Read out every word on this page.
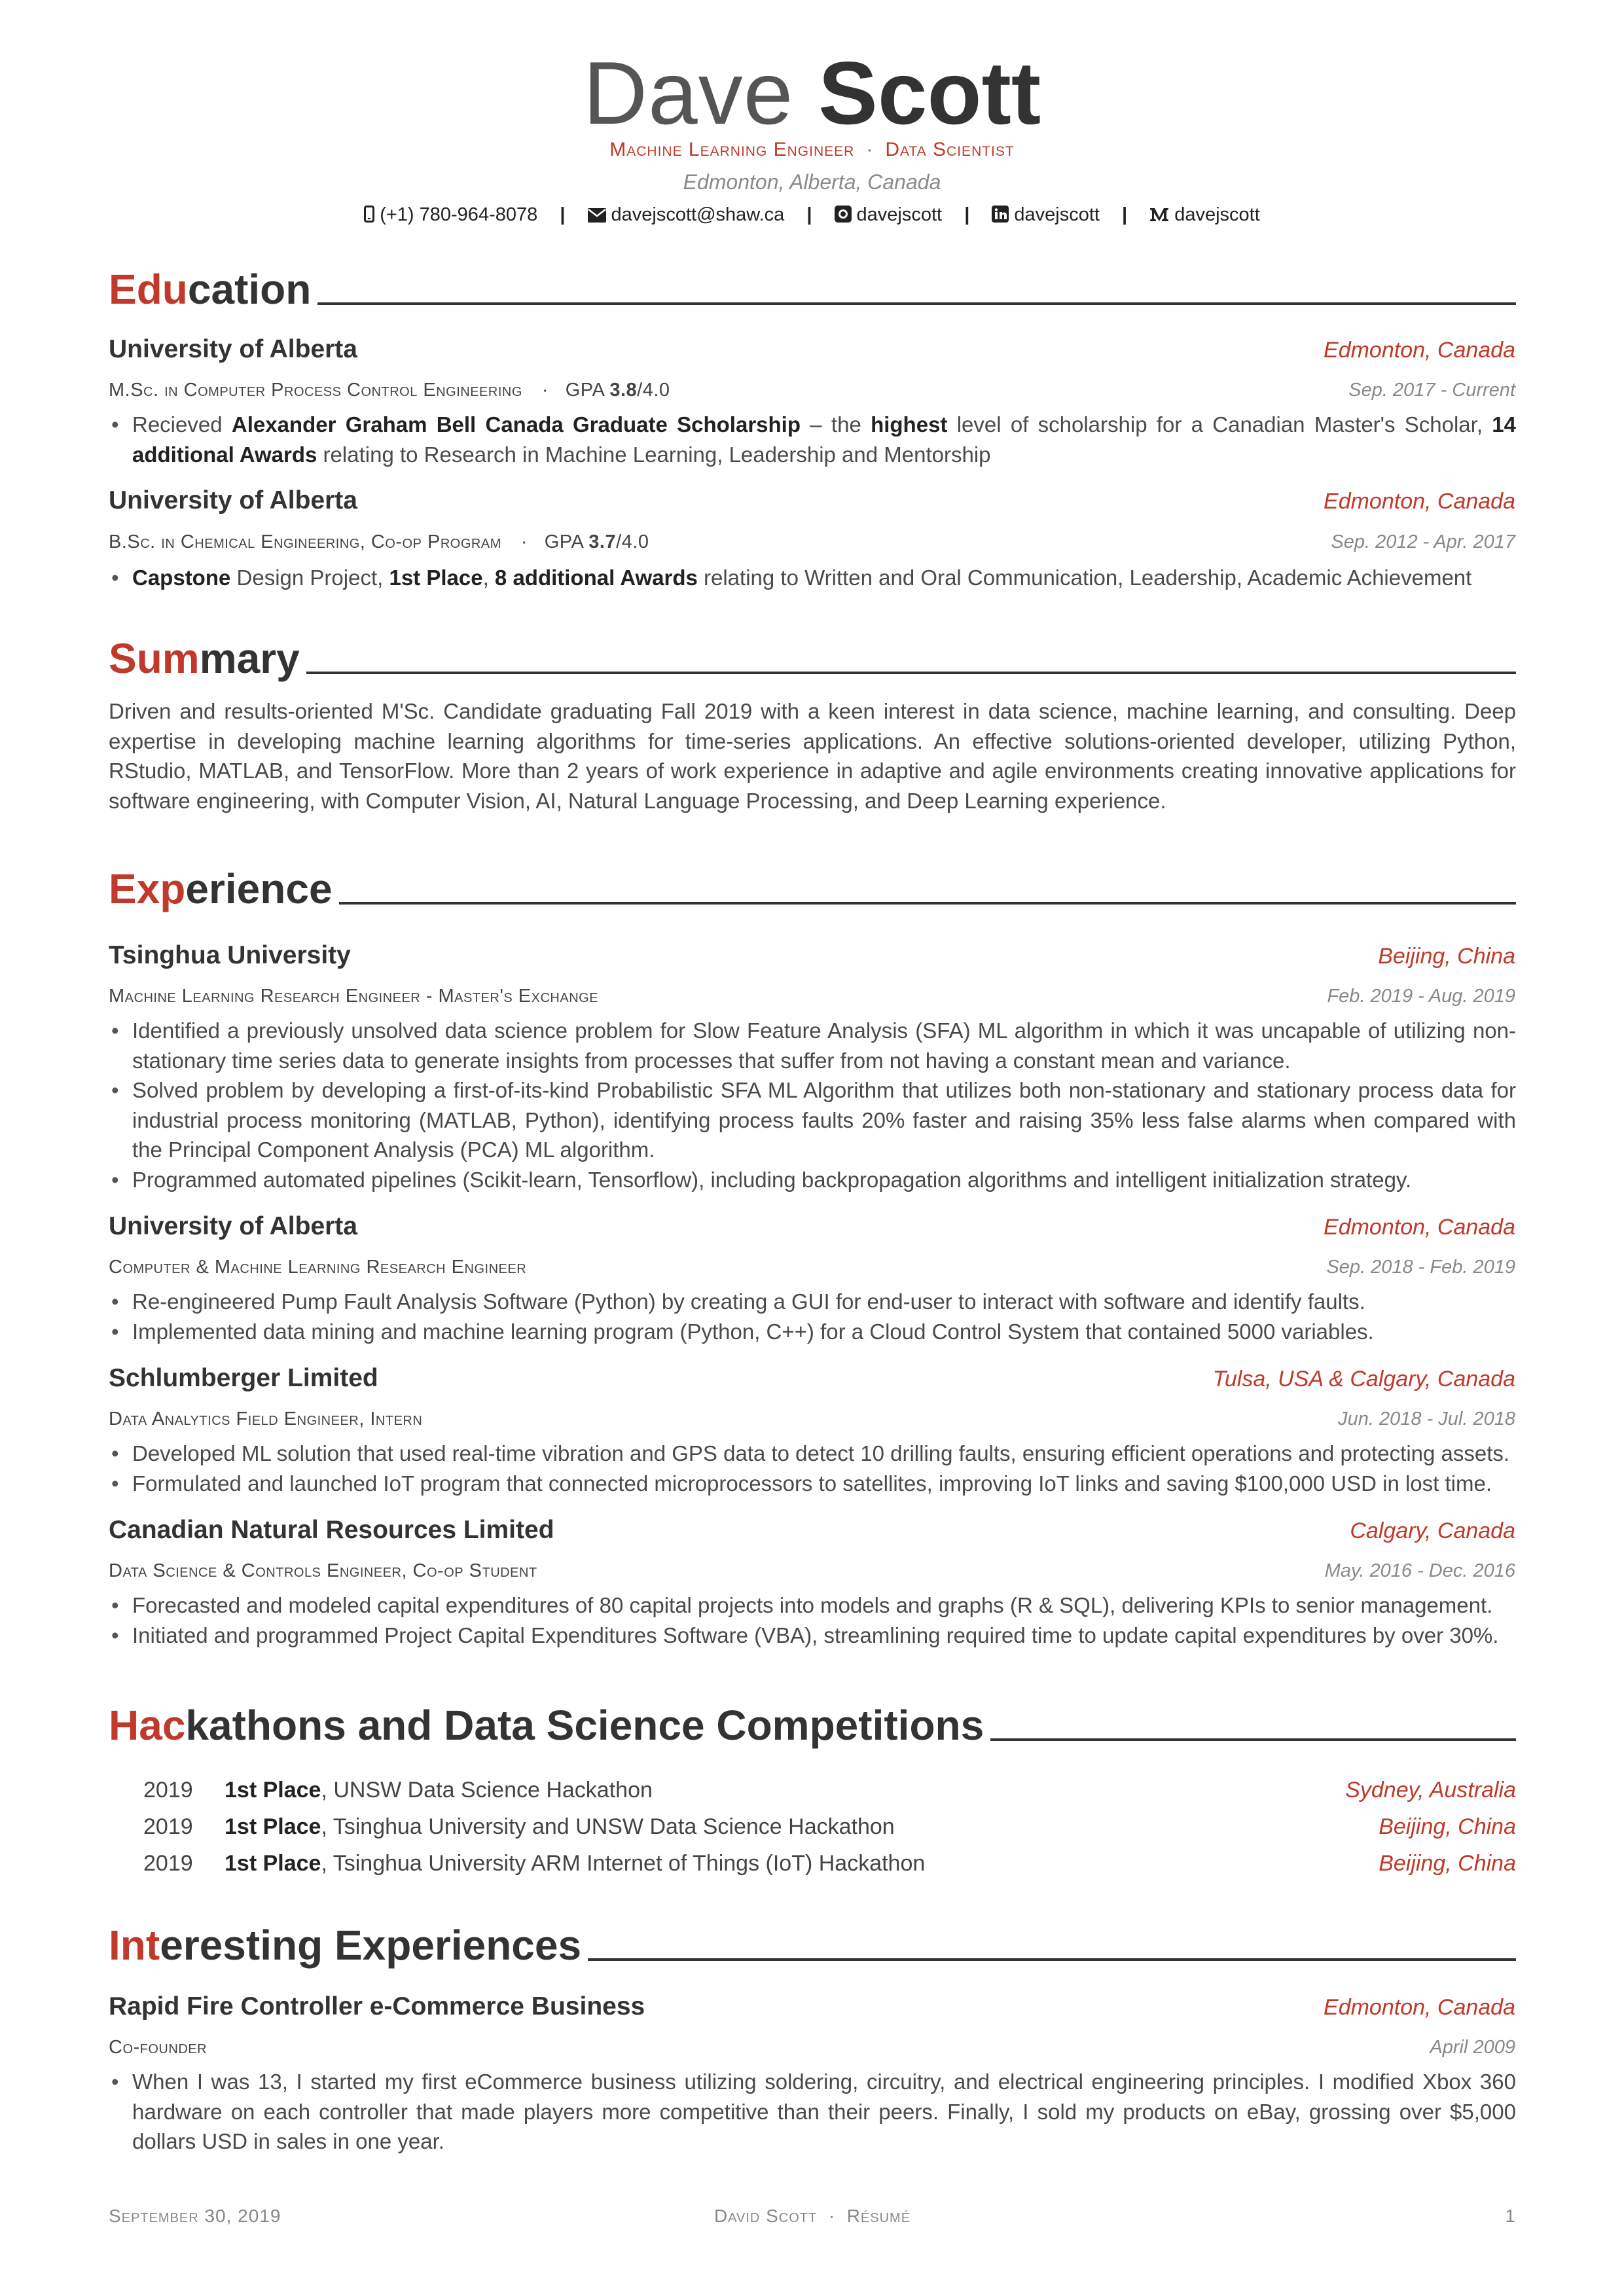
Dave Scott
Machine Learning Engineer · Data Scientist
Edmonton, Alberta, Canada
(+1) 780-964-8078 | davejscott@shaw.ca | davejscott | davejscott | davejscott
Education
University of Alberta	Edmonton, Canada
M.Sc. in Computer Process Control Engineering · GPA 3.8/4.0	Sep. 2017 - Current
• Recieved Alexander Graham Bell Canada Graduate Scholarship – the highest level of scholarship for a Canadian Master's Scholar, 14 additional Awards relating to Research in Machine Learning, Leadership and Mentorship
University of Alberta	Edmonton, Canada
B.Sc. in Chemical Engineering, Co-op Program · GPA 3.7/4.0	Sep. 2012 - Apr. 2017
• Capstone Design Project, 1st Place, 8 additional Awards relating to Written and Oral Communication, Leadership, Academic Achievement
Summary

Driven and results-oriented M'Sc. Candidate graduating Fall 2019 with a keen interest in data science, machine learning, and consulting. Deep expertise in developing machine learning algorithms for time-series applications. An effective solutions-oriented developer, utilizing Python, RStudio, MATLAB, and TensorFlow. More than 2 years of work experience in adaptive and agile environments creating innovative applications for software engineering, with Computer Vision, AI, Natural Language Processing, and Deep Learning experience.

Experience
Tsinghua University	Beijing, China
Machine Learning Research Engineer - Master's Exchange	Feb. 2019 - Aug. 2019
• Identified a previously unsolved data science problem for Slow Feature Analysis (SFA) ML algorithm in which it was uncapable of utilizing non-stationary time series data to generate insights from processes that suffer from not having a constant mean and variance.
• Solved problem by developing a first-of-its-kind Probabilistic SFA ML Algorithm that utilizes both non-stationary and stationary process data for industrial process monitoring (MATLAB, Python), identifying process faults 20% faster and raising 35% less false alarms when compared with the Principal Component Analysis (PCA) ML algorithm.
• Programmed automated pipelines (Scikit-learn, Tensorflow), including backpropagation algorithms and intelligent initialization strategy.
University of Alberta	Edmonton, Canada
Computer & Machine Learning Research Engineer	Sep. 2018 - Feb. 2019
• Re-engineered Pump Fault Analysis Software (Python) by creating a GUI for end-user to interact with software and identify faults.
• Implemented data mining and machine learning program (Python, C++) for a Cloud Control System that contained 5000 variables.
Schlumberger Limited	Tulsa, USA & Calgary, Canada
Data Analytics Field Engineer, Intern	Jun. 2018 - Jul. 2018
• Developed ML solution that used real-time vibration and GPS data to detect 10 drilling faults, ensuring efficient operations and protecting assets.
• Formulated and launched IoT program that connected microprocessors to satellites, improving IoT links and saving $100,000 USD in lost time.
Canadian Natural Resources Limited	Calgary, Canada
Data Science & Controls Engineer, Co-op Student	May. 2016 - Dec. 2016
• Forecasted and modeled capital expenditures of 80 capital projects into models and graphs (R & SQL), delivering KPIs to senior management.
• Initiated and programmed Project Capital Expenditures Software (VBA), streamlining required time to update capital expenditures by over 30%.
Hackathons and Data Science Competitions
2019 1st Place, UNSW Data Science Hackathon	Sydney, Australia
2019 1st Place, Tsinghua University and UNSW Data Science Hackathon	Beijing, China
2019 1st Place, Tsinghua University ARM Internet of Things (IoT) Hackathon	Beijing, China
Interesting Experiences
Rapid Fire Controller e-Commerce Business	Edmonton, Canada
Co-founder	April 2009
• When I was 13, I started my first eCommerce business utilizing soldering, circuitry, and electrical engineering principles. I modified Xbox 360 hardware on each controller that made players more competitive than their peers. Finally, I sold my products on eBay, grossing over $5,000 dollars USD in sales in one year.
September 30, 2019	David Scott · Résumé	1
